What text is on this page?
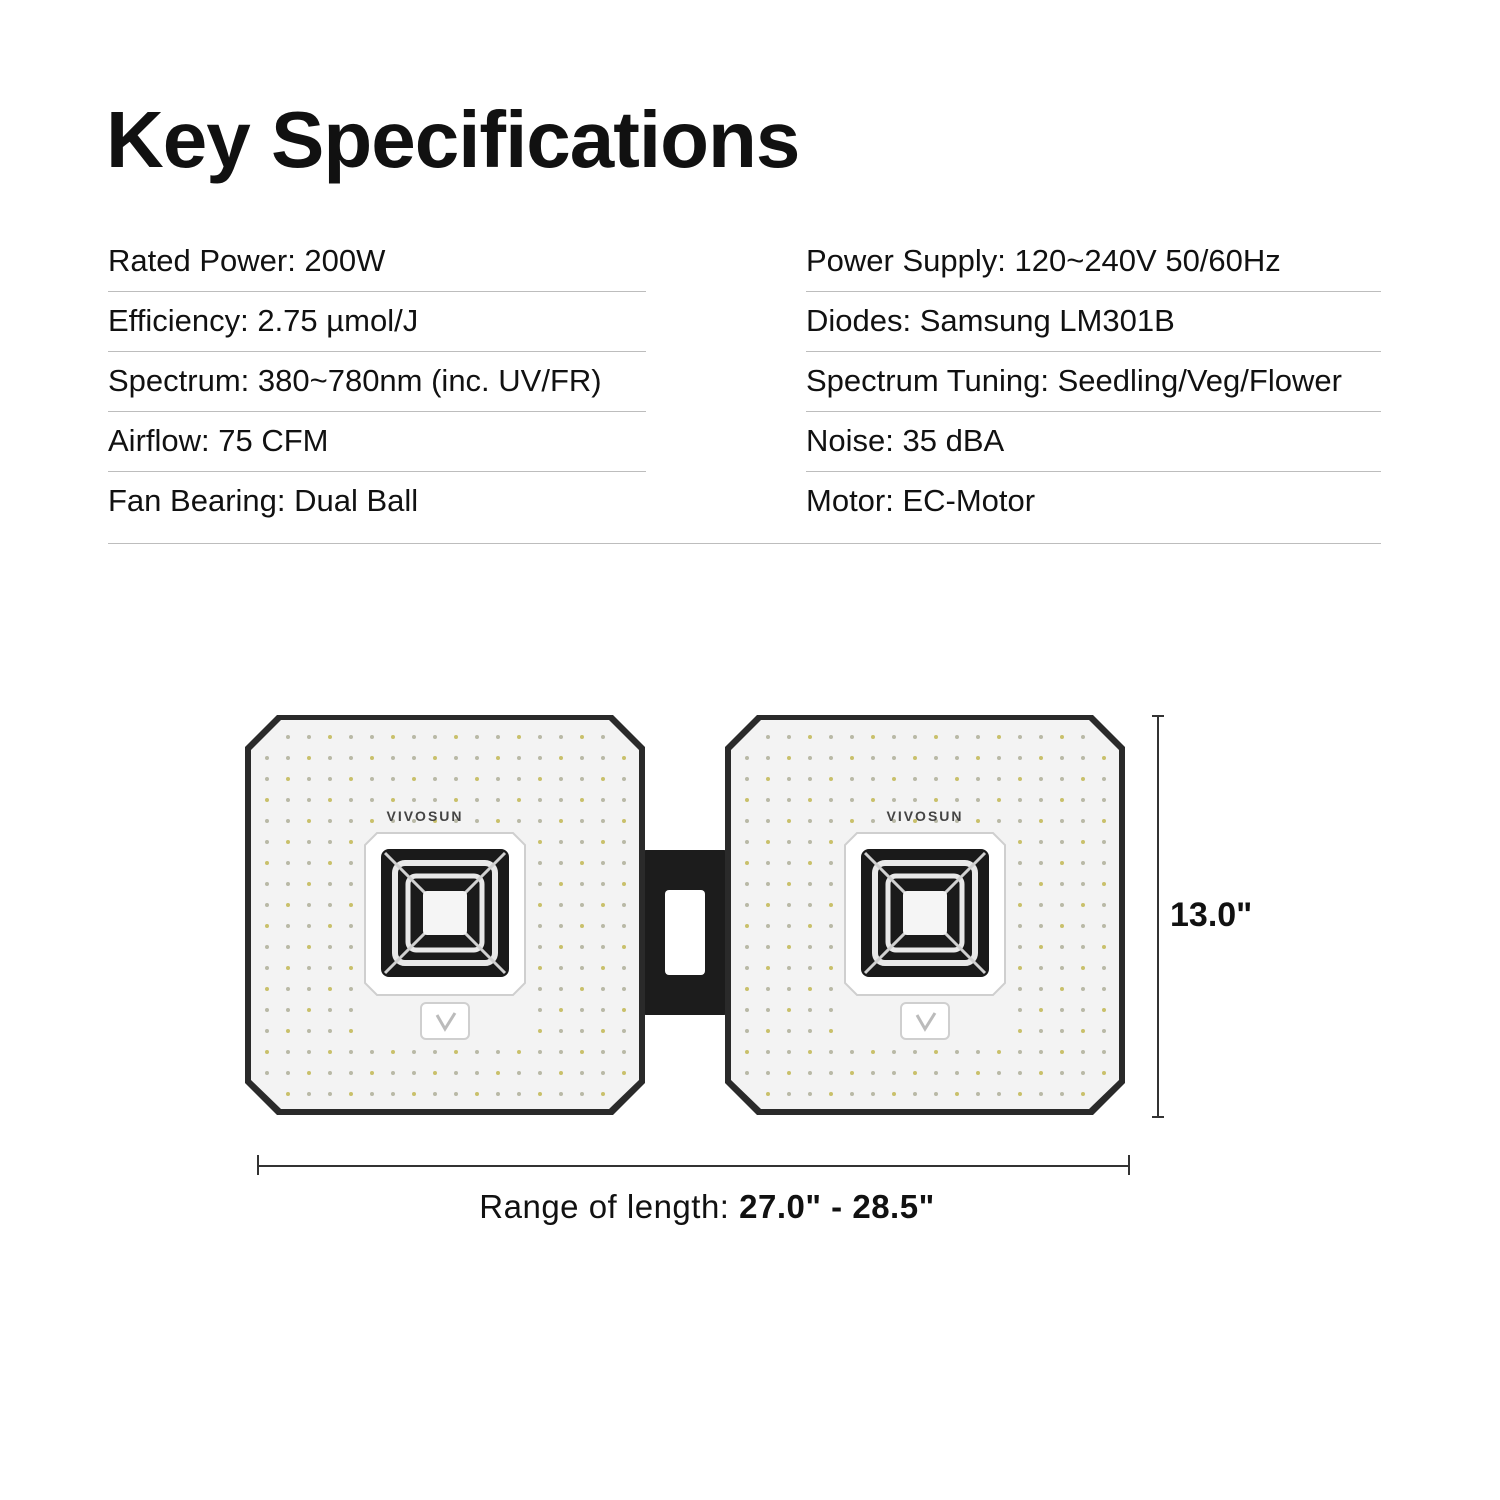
Key Specifications
Rated Power: 200W
Efficiency: 2.75 µmol/J
Spectrum: 380~780nm (inc. UV/FR)
Airflow: 75 CFM
Fan Bearing: Dual Ball
Power Supply: 120~240V 50/60Hz
Diodes: Samsung LM301B
Spectrum Tuning: Seedling/Veg/Flower
Noise: 35 dBA
Motor: EC-Motor
VIVOSUN	VIVOSUN
13.0"
Range of length: 27.0" - 28.5"
